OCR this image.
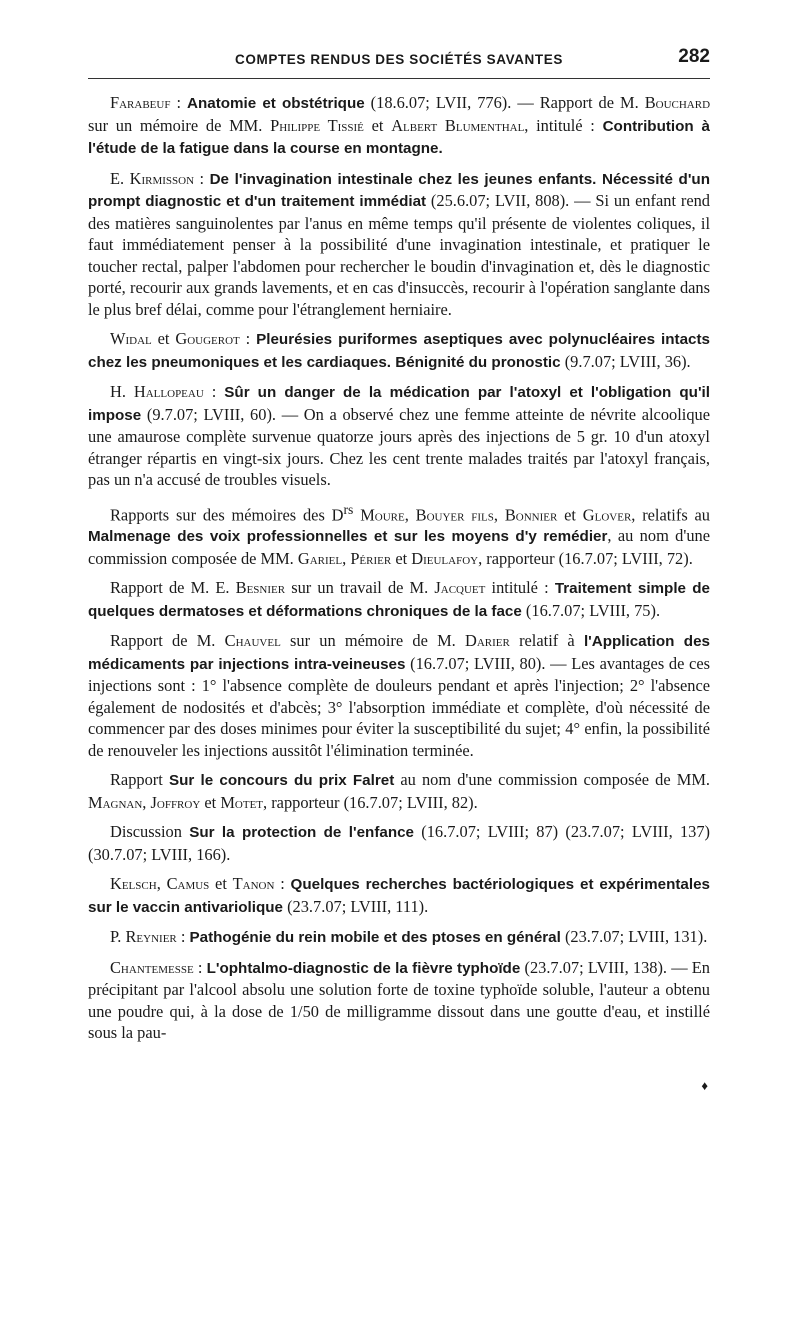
COMPTES RENDUS DES SOCIÉTÉS SAVANTES	282

Farabeuf : Anatomie et obstétrique (18.6.07; LVII, 776). — Rapport de M. Bouchard sur un mémoire de MM. Philippe Tissié et Albert Blumenthal, intitulé : Contribution à l'étude de la fatigue dans la course en montagne.

E. Kirmisson : De l'invagination intestinale chez les jeunes enfants. Nécessité d'un prompt diagnostic et d'un traitement immédiat (25.6.07; LVII, 808). — Si un enfant rend des matières sanguinolentes par l'anus en même temps qu'il présente de violentes coliques, il faut immédiatement penser à la possibilité d'une invagination intestinale, et pratiquer le toucher rectal, palper l'abdomen pour rechercher le boudin d'invagination et, dès le diagnostic porté, recourir aux grands lavements, et en cas d'insuccès, recourir à l'opération sanglante dans le plus bref délai, comme pour l'étranglement herniaire.

Widal et Gougerot : Pleurésies puriformes aseptiques avec polynucléaires intacts chez les pneumoniques et les cardiaques. Bénignité du pronostic (9.7.07; LVIII, 36).

H. Hallopeau : Sûr un danger de la médication par l'atoxyl et l'obligation qu'il impose (9.7.07; LVIII, 60). — On a observé chez une femme atteinte de névrite alcoolique une amaurose complète survenue quatorze jours après des injections de 5 gr. 10 d'un atoxyl étranger répartis en vingt-six jours. Chez les cent trente malades traités par l'atoxyl français, pas un n'a accusé de troubles visuels.

Rapports sur des mémoires des $D^{rs}$ Moure, Bouyer fils, Bonnier et Glover, relatifs au Malmenage des voix professionnelles et sur les moyens d'y remédier, au nom d'une commission composée de MM. Gariel, Périer et Dieulafoy, rapporteur (16.7.07; LVIII, 72).

Rapport de M. E. Besnier sur un travail de M. Jacquet intitulé : Traitement simple de quelques dermatoses et déformations chroniques de la face (16.7.07; LVIII, 75).

Rapport de M. Chauvel sur un mémoire de M. Darier relatif à l'Application des médicaments par injections intra-veineuses (16.7.07; LVIII, 80). — Les avantages de ces injections sont : 1° l'absence complète de douleurs pendant et après l'injection; 2° l'absence également de nodosités et d'abcès; 3° l'absorption immédiate et complète, d'où nécessité de commencer par des doses minimes pour éviter la susceptibilité du sujet; 4° enfin, la possibilité de renouveler les injections aussitôt l'élimination terminée.

Rapport Sur le concours du prix Falret au nom d'une commission composée de MM. Magnan, Joffroy et Motet, rapporteur (16.7.07; LVIII, 82).

Discussion Sur la protection de l'enfance (16.7.07; LVIII; 87) (23.7.07; LVIII, 137) (30.7.07; LVIII, 166).

Kelsch, Camus et Tanon : Quelques recherches bactériologiques et expérimentales sur le vaccin antivariolique (23.7.07; LVIII, 111).

P. Reynier : Pathogénie du rein mobile et des ptoses en général (23.7.07; LVIII, 131).

Chantemesse : L'ophtalmo-diagnostic de la fièvre typhoïde (23.7.07; LVIII, 138). — En précipitant par l'alcool absolu une solution forte de toxine typhoïde soluble, l'auteur a obtenu une poudre qui, à la dose de 1/50 de milligramme dissout dans une goutte d'eau, et instillé sous la pau-

♦
